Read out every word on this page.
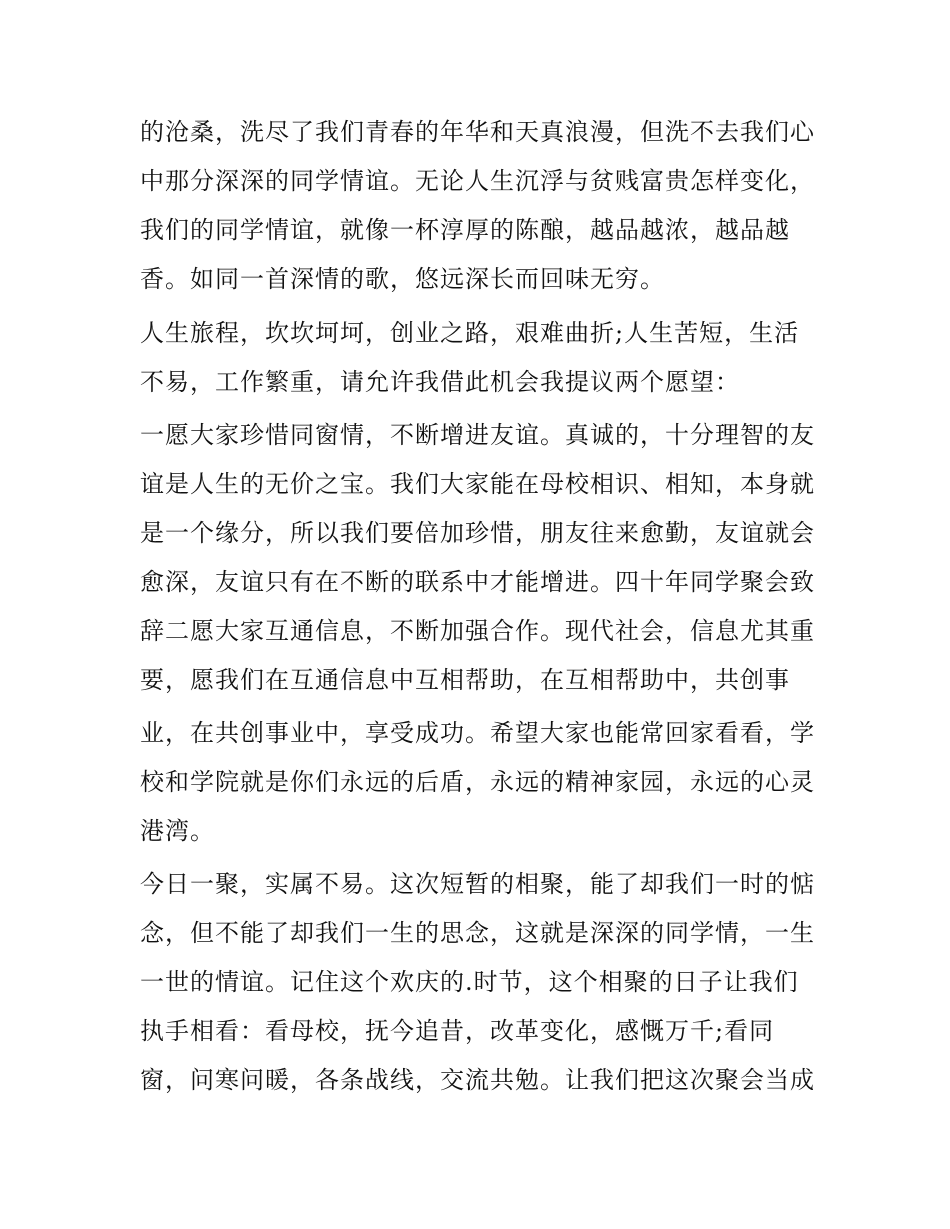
的沧桑，洗尽了我们青春的年华和天真浪漫，但洗不去我们心
中那分深深的同学情谊。无论人生沉浮与贫贱富贵怎样变化，
我们的同学情谊，就像一杯淳厚的陈酿，越品越浓，越品越
香。如同一首深情的歌，悠远深长而回味无穷。
人生旅程，坎坎坷坷，创业之路，艰难曲折;人生苦短，生活
不易，工作繁重，请允许我借此机会我提议两个愿望：
一愿大家珍惜同窗情，不断增进友谊。真诚的，十分理智的友
谊是人生的无价之宝。我们大家能在母校相识、相知，本身就
是一个缘分，所以我们要倍加珍惜，朋友往来愈勤，友谊就会
愈深，友谊只有在不断的联系中才能增进。四十年同学聚会致
辞二愿大家互通信息，不断加强合作。现代社会，信息尤其重
要，愿我们在互通信息中互相帮助，在互相帮助中，共创事
业，在共创事业中，享受成功。希望大家也能常回家看看，学
校和学院就是你们永远的后盾，永远的精神家园，永远的心灵
港湾。
今日一聚，实属不易。这次短暂的相聚，能了却我们一时的惦
念，但不能了却我们一生的思念，这就是深深的同学情，一生
一世的情谊。记住这个欢庆的.时节，这个相聚的日子让我们
执手相看：看母校，抚今追昔，改革变化，感慨万千;看同
窗，问寒问暖，各条战线，交流共勉。让我们把这次聚会当成
